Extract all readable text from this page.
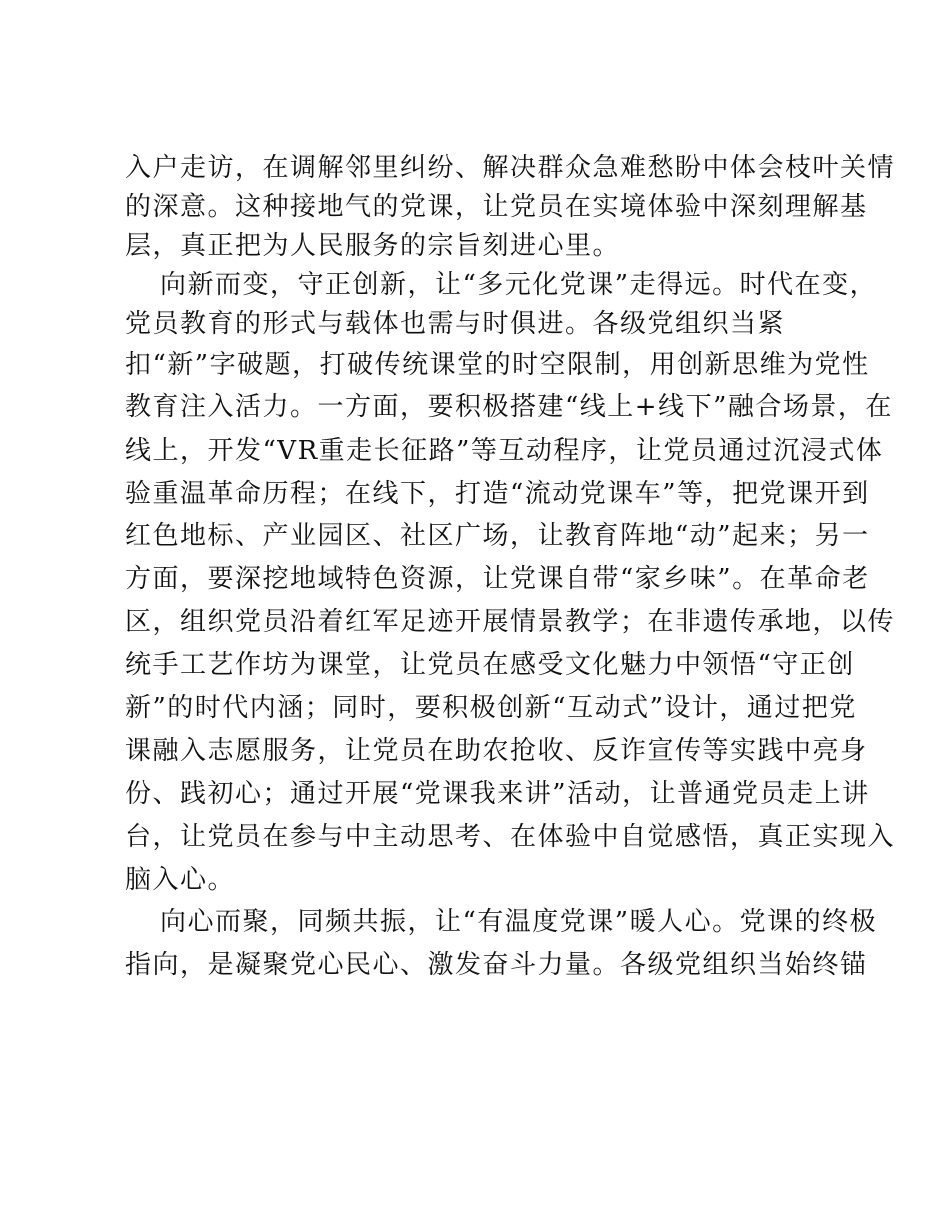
入户走访，在调解邻里纠纷、解决群众急难愁盼中体会枝叶关情
的深意。这种接地气的党课，让党员在实境体验中深刻理解基
层，真正把为人民服务的宗旨刻进心里。
向新而变，守正创新，让“多元化党课”走得远。时代在变，
党员教育的形式与载体也需与时俱进。各级党组织当紧
扣“新”字破题，打破传统课堂的时空限制，用创新思维为党性
教育注入活力。一方面，要积极搭建“线上+线下”融合场景，在
线上，开发“VR重走长征路”等互动程序，让党员通过沉浸式体
验重温革命历程；在线下，打造“流动党课车”等，把党课开到
红色地标、产业园区、社区广场，让教育阵地“动”起来；另一
方面，要深挖地域特色资源，让党课自带“家乡味”。在革命老
区，组织党员沿着红军足迹开展情景教学；在非遗传承地，以传
统手工艺作坊为课堂，让党员在感受文化魅力中领悟“守正创
新”的时代内涵；同时，要积极创新“互动式”设计，通过把党
课融入志愿服务，让党员在助农抢收、反诈宣传等实践中亮身
份、践初心；通过开展“党课我来讲”活动，让普通党员走上讲
台，让党员在参与中主动思考、在体验中自觉感悟，真正实现入
脑入心。
向心而聚，同频共振，让“有温度党课”暖人心。党课的终极
指向，是凝聚党心民心、激发奋斗力量。各级党组织当始终锚
